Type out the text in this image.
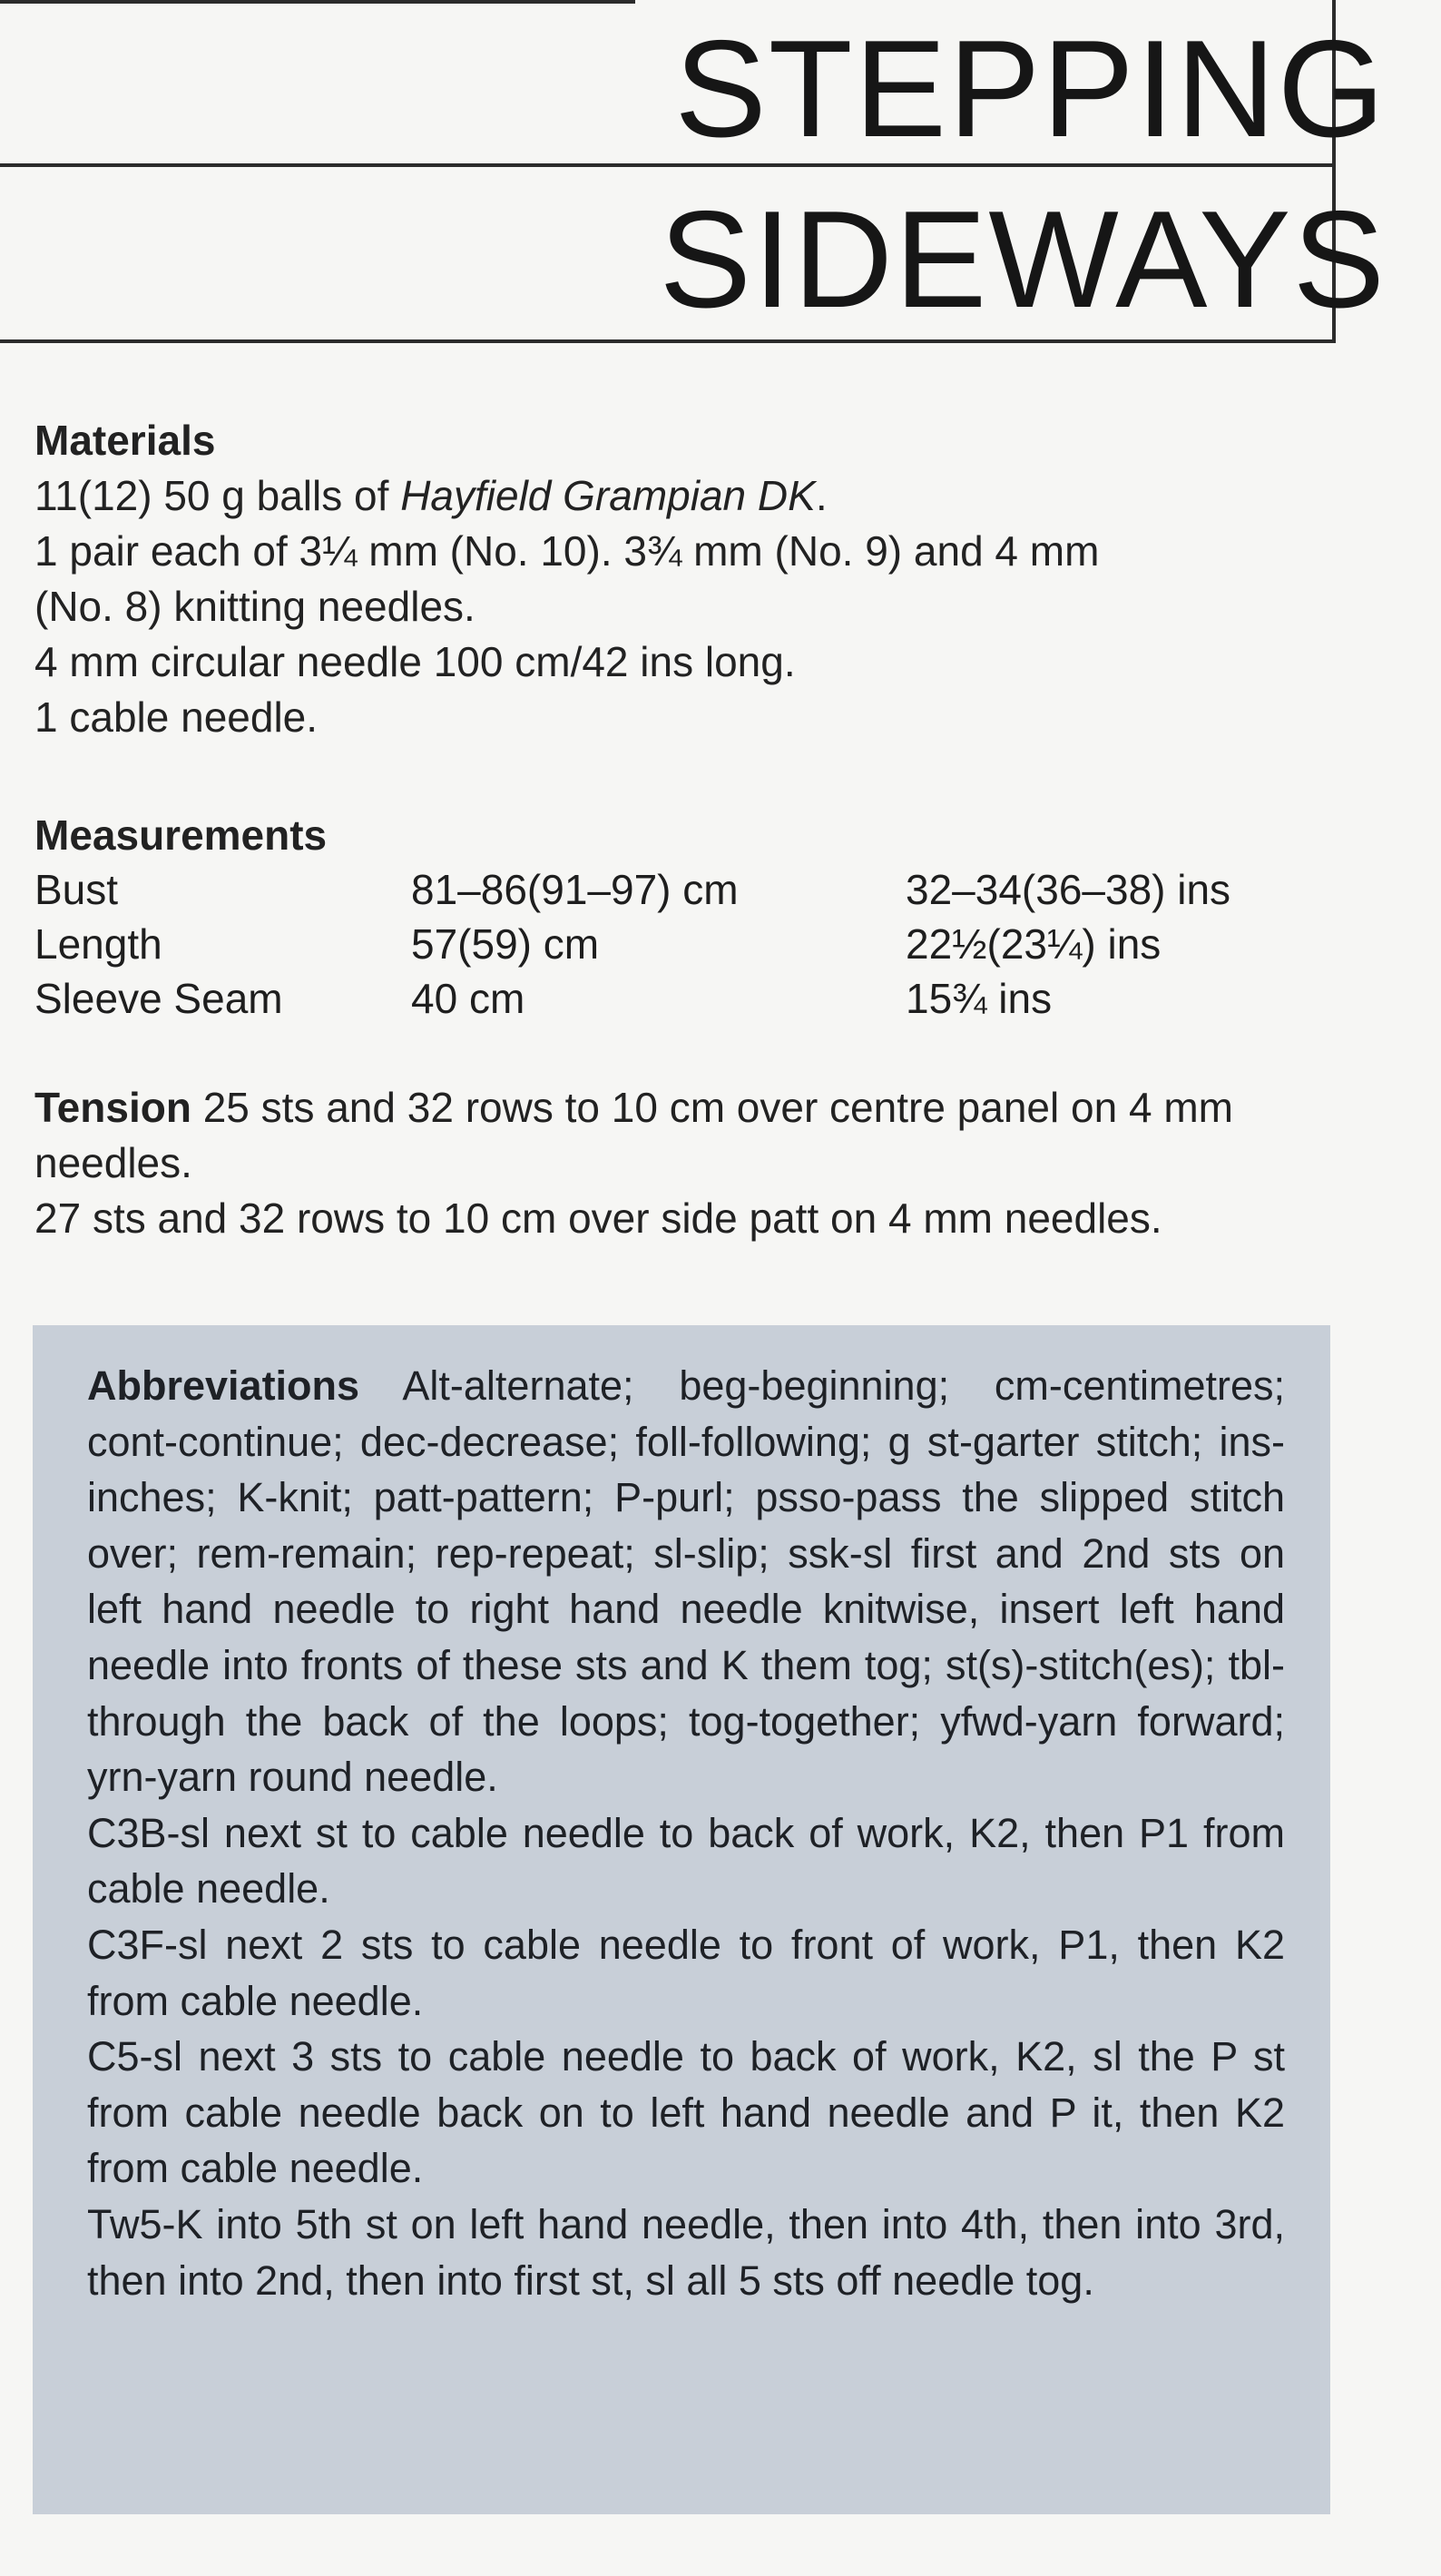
STEPPING
SIDEWAYS
Materials
11(12) 50 g balls of Hayfield Grampian DK.
1 pair each of 3¼ mm (No. 10). 3¾ mm (No. 9) and 4 mm
(No. 8) knitting needles.
4 mm circular needle 100 cm/42 ins long.
1 cable needle.
Measurements
Bust	81–86(91–97) cm	32–34(36–38) ins
Length	57(59) cm	22½(23¼) ins
Sleeve Seam	40 cm	15¾ ins
Tension 25 sts and 32 rows to 10 cm over centre panel on 4 mm needles.
27 sts and 32 rows to 10 cm over side patt on 4 mm needles.

Abbreviations Alt-alternate; beg-beginning; cm-centimetres; cont-continue; dec-decrease; foll-following; g st-garter stitch; ins-inches; K-knit; patt-pattern; P-purl; psso-pass the slipped stitch over; rem-remain; rep-repeat; sl-slip; ssk-sl first and 2nd sts on left hand needle to right hand needle knitwise, insert left hand needle into fronts of these sts and K them tog; st(s)-stitch(es); tbl-through the back of the loops; tog-together; yfwd-yarn forward; yrn-yarn round needle.

C3B-sl next st to cable needle to back of work, K2, then P1 from cable needle.

C3F-sl next 2 sts to cable needle to front of work, P1, then K2 from cable needle.

C5-sl next 3 sts to cable needle to back of work, K2, sl the P st from cable needle back on to left hand needle and P it, then K2 from cable needle.

Tw5-K into 5th st on left hand needle, then into 4th, then into 3rd, then into 2nd, then into first st, sl all 5 sts off needle tog.
